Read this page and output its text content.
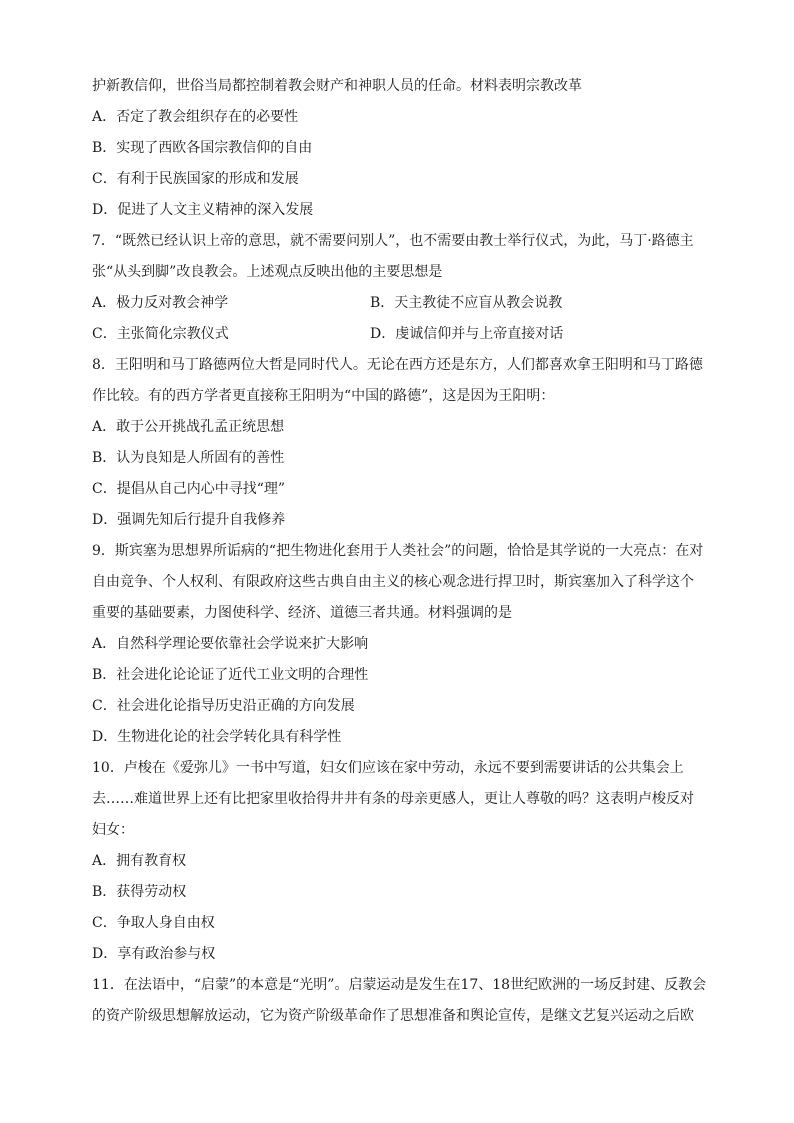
护新教信仰，世俗当局都控制着教会财产和神职人员的任命。材料表明宗教改革
A．否定了教会组织存在的必要性
B．实现了西欧各国宗教信仰的自由
C．有利于民族国家的形成和发展
D．促进了人文主义精神的深入发展
7．“既然已经认识上帝的意思，就不需要问别人”，也不需要由教士举行仪式，为此，马丁·路德主
张“从头到脚”改良教会。上述观点反映出他的主要思想是
A．极力反对教会神学	B．天主教徒不应盲从教会说教
C．主张简化宗教仪式	D．虔诚信仰并与上帝直接对话
8．王阳明和马丁路德两位大哲是同时代人。无论在西方还是东方，人们都喜欢拿王阳明和马丁路德
作比较。有的西方学者更直接称王阳明为“中国的路德”，这是因为王阳明：
A．敢于公开挑战孔孟正统思想
B．认为良知是人所固有的善性
C．提倡从自己内心中寻找“理”
D．强调先知后行提升自我修养
9．斯宾塞为思想界所诟病的“把生物进化套用于人类社会”的问题，恰恰是其学说的一大亮点：在对
自由竞争、个人权利、有限政府这些古典自由主义的核心观念进行捍卫时，斯宾塞加入了科学这个
重要的基础要素，力图使科学、经济、道德三者共通。材料强调的是
A．自然科学理论要依靠社会学说来扩大影响
B．社会进化论论证了近代工业文明的合理性
C．社会进化论指导历史沿正确的方向发展
D．生物进化论的社会学转化具有科学性
10．卢梭在《爱弥儿》一书中写道，妇女们应该在家中劳动，永远不要到需要讲话的公共集会上
去……难道世界上还有比把家里收拾得井井有条的母亲更感人，更让人尊敬的吗？这表明卢梭反对
妇女：
A．拥有教育权
B．获得劳动权
C．争取人身自由权
D．享有政治参与权
11．在法语中，“启蒙”的本意是“光明”。启蒙运动是发生在17、18世纪欧洲的一场反封建、反教会
的资产阶级思想解放运动，它为资产阶级革命作了思想准备和舆论宣传，是继文艺复兴运动之后欧
